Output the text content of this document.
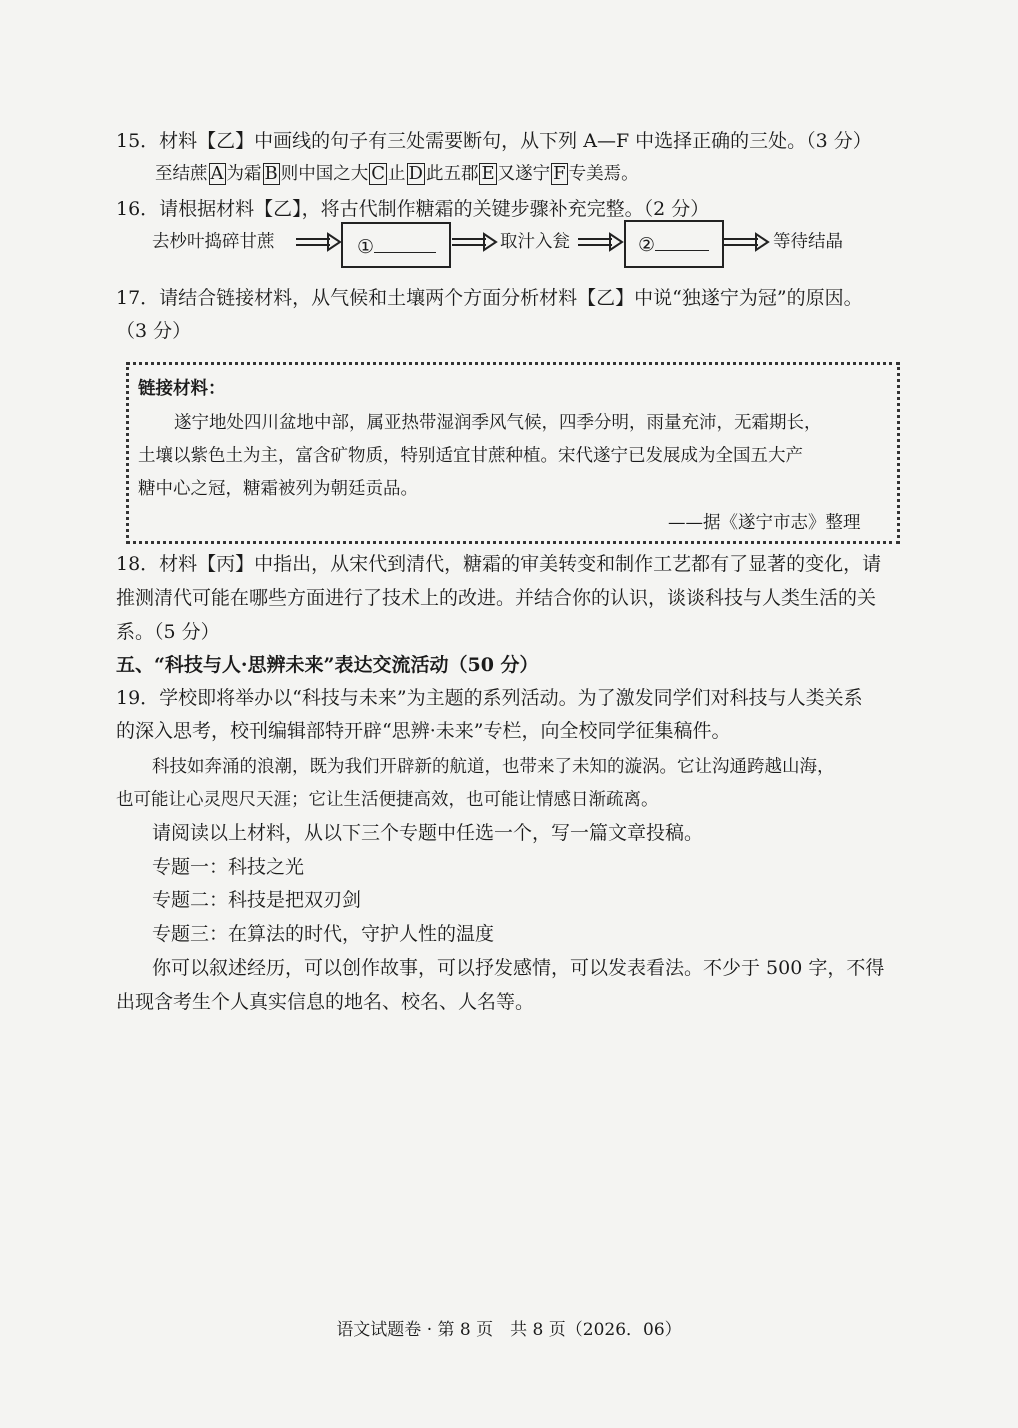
15．材料【乙】中画线的句子有三处需要断句，从下列 A—F 中选择正确的三处。（3 分）
至结蔗 A 为霜 B 则中国之大 C 止 D 此五郡 E 又遂宁 F 专美焉。
16．请根据材料【乙】，将古代制作糖霜的关键步骤补充完整。（2 分）
去杪叶捣碎甘蔗	①	取汁入瓮	②	等待结晶
17．请结合链接材料，从气候和土壤两个方面分析材料【乙】中说“独遂宁为冠”的原因。
（3 分）
链接材料：
遂宁地处四川盆地中部，属亚热带湿润季风气候，四季分明，雨量充沛，无霜期长，
土壤以紫色土为主，富含矿物质，特别适宜甘蔗种植。宋代遂宁已发展成为全国五大产
糖中心之冠，糖霜被列为朝廷贡品。
——据《遂宁市志》整理
18．材料【丙】中指出，从宋代到清代，糖霜的审美转变和制作工艺都有了显著的变化，请
推测清代可能在哪些方面进行了技术上的改进。并结合你的认识，谈谈科技与人类生活的关
系。（5 分）
五、“科技与人·思辨未来”表达交流活动（50 分）
19．学校即将举办以“科技与未来”为主题的系列活动。为了激发同学们对科技与人类关系
的深入思考，校刊编辑部特开辟“思辨·未来”专栏，向全校同学征集稿件。
科技如奔涌的浪潮，既为我们开辟新的航道，也带来了未知的漩涡。它让沟通跨越山海，
也可能让心灵咫尺天涯；它让生活便捷高效，也可能让情感日渐疏离。
请阅读以上材料，从以下三个专题中任选一个，写一篇文章投稿。
专题一：科技之光
专题二：科技是把双刃剑
专题三：在算法的时代，守护人性的温度
你可以叙述经历，可以创作故事，可以抒发感情，可以发表看法。不少于 500 字，不得
出现含考生个人真实信息的地名、校名、人名等。
语文试题卷 · 第 8 页　共 8 页（2026．06）
